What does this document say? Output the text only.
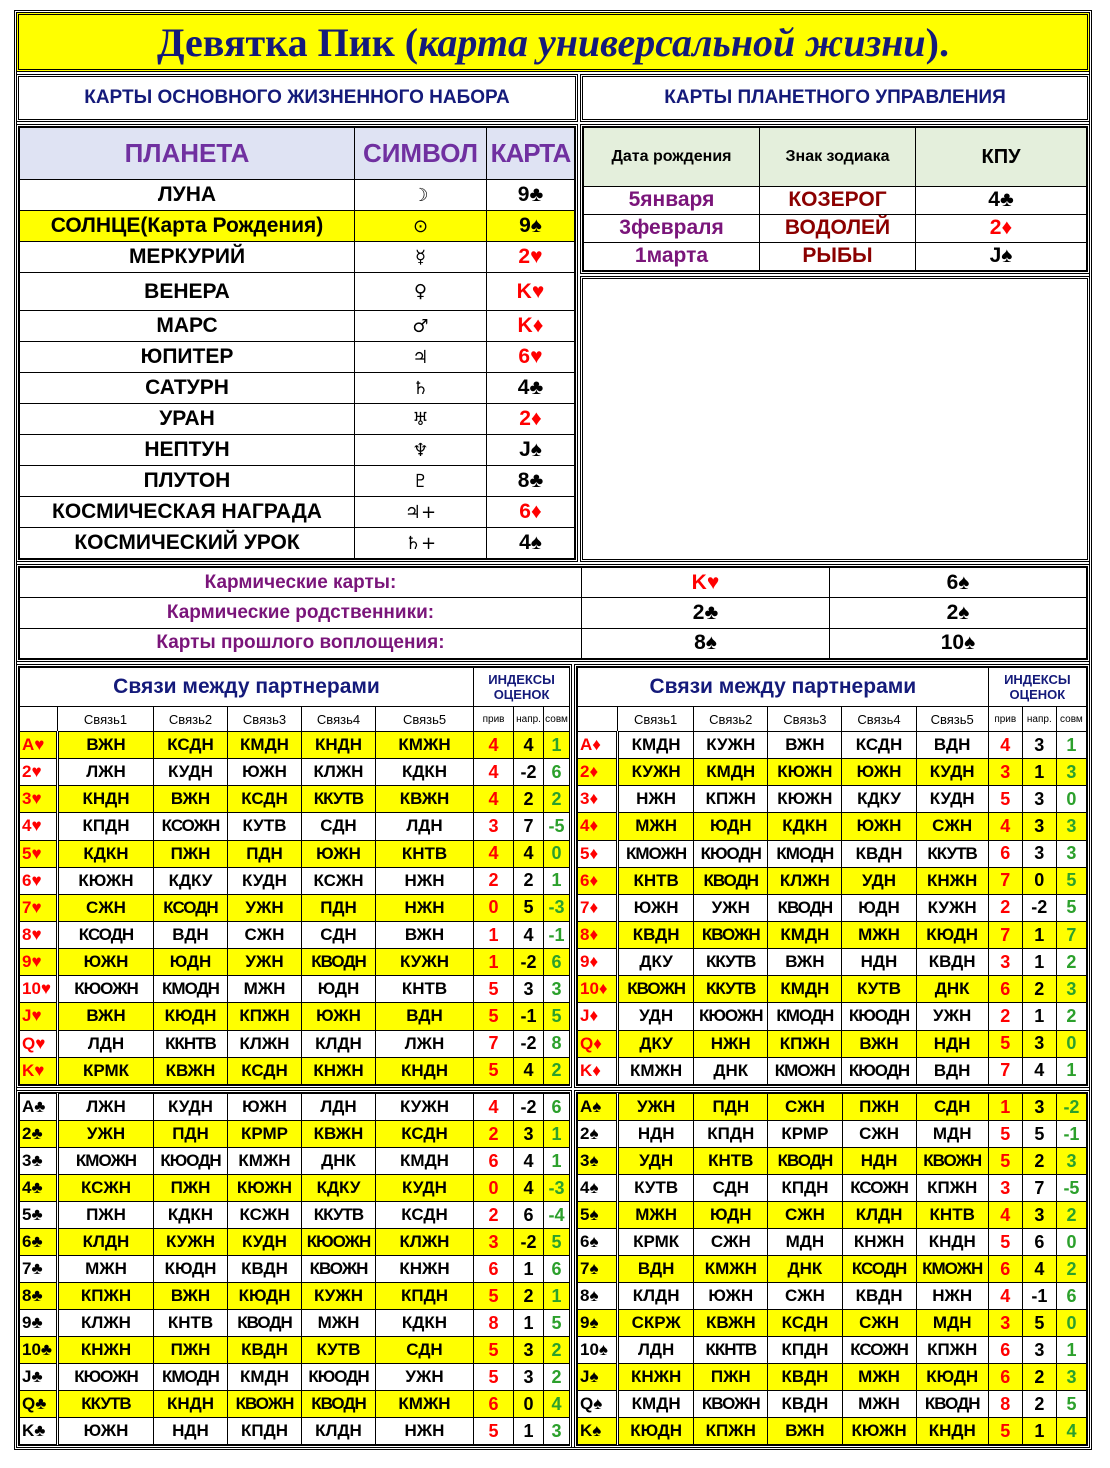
Девятка Пик ( карта универсальной жизни ).
КАРТЫ ОСНОВНОГО ЖИЗНЕННОГО НАБОРА	КАРТЫ ПЛАНЕТНОГО УПРАВЛЕНИЯ
ПЛАНЕТА	СИМВОЛ	КАРТА
ЛУНА	☽	9♣
СОЛНЦЕ(Карта Рождения)	⊙	9♠
МЕРКУРИЙ	☿	2♥
ВЕНЕРА	♀	K♥
МАРС	♂	K♦
ЮПИТЕР	♃	6♥
САТУРН	♄	4♣
УРАН	♅	2♦
НЕПТУН	♆	J♠
ПЛУТОН	♇	8♣
КОСМИЧЕСКАЯ НАГРАДА	♃+	6♦
КОСМИЧЕСКИЙ УРОК	♄+	4♠
Дата рождения	Знак зодиака	КПУ
5января	КОЗЕРОГ	4♣
3февраля	ВОДОЛЕЙ	2♦
1марта	РЫБЫ	J♠
Кармические карты:	K♥	6♠
Кармические родственники:	2♣	2♠
Карты прошлого воплощения:	8♠	10♠
Связи между партнерами						ИНДЕКСЫ ОЦЕНОК		
	Связь1	Связь2	Связь3	Связь4	Связь5	прив	напр.	совм
A♥	ВЖН	КСДН	КМДН	КНДН	КМЖН	4	4	1
2♥	ЛЖН	КУДН	ЮЖН	КЛЖН	КДКН	4	-2	6
3♥	КНДН	ВЖН	КСДН	ККУТВ	КВЖН	4	2	2
4♥	КПДН	КСОЖН	КУТВ	СДН	ЛДН	3	7	-5
5♥	КДКН	ПЖН	ПДН	ЮЖН	КНТВ	4	4	0
6♥	КЮЖН	КДКУ	КУДН	КСЖН	НЖН	2	2	1
7♥	СЖН	КСОДН	УЖН	ПДН	НЖН	0	5	-3
8♥	КСОДН	ВДН	СЖН	СДН	ВЖН	1	4	-1
9♥	ЮЖН	ЮДН	УЖН	КВОДН	КУЖН	1	-2	6
10♥	КЮОЖН	КМОДН	МЖН	ЮДН	КНТВ	5	3	3
J♥	ВЖН	КЮДН	КПЖН	ЮЖН	ВДН	5	-1	5
Q♥	ЛДН	ККНТВ	КЛЖН	КЛДН	ЛЖН	7	-2	8
K♥	КРМК	КВЖН	КСДН	КНЖН	КНДН	5	4	2
Связи между партнерами						ИНДЕКСЫ ОЦЕНОК		
	Связь1	Связь2	Связь3	Связь4	Связь5	прив	напр.	совм
A♦	КМДН	КУЖН	ВЖН	КСДН	ВДН	4	3	1
2♦	КУЖН	КМДН	КЮЖН	ЮЖН	КУДН	3	1	3
3♦	НЖН	КПЖН	КЮЖН	КДКУ	КУДН	5	3	0
4♦	МЖН	ЮДН	КДКН	ЮЖН	СЖН	4	3	3
5♦	КМОЖН	КЮОДН	КМОДН	КВДН	ККУТВ	6	3	3
6♦	КНТВ	КВОДН	КЛЖН	УДН	КНЖН	7	0	5
7♦	ЮЖН	УЖН	КВОДН	ЮДН	КУЖН	2	-2	5
8♦	КВДН	КВОЖН	КМДН	МЖН	КЮДН	7	1	7
9♦	ДКУ	ККУТВ	ВЖН	НДН	КВДН	3	1	2
10♦	КВОЖН	ККУТВ	КМДН	КУТВ	ДНК	6	2	3
J♦	УДН	КЮОЖН	КМОДН	КЮОДН	УЖН	2	1	2
Q♦	ДКУ	НЖН	КПЖН	ВЖН	НДН	5	3	0
K♦	КМЖН	ДНК	КМОЖН	КЮОДН	ВДН	7	4	1
A♣	ЛЖН	КУДН	ЮЖН	ЛДН	КУЖН	4	-2	6
2♣	УЖН	ПДН	КРМР	КВЖН	КСДН	2	3	1
3♣	КМОЖН	КЮОДН	КМЖН	ДНК	КМДН	6	4	1
4♣	КСЖН	ПЖН	КЮЖН	КДКУ	КУДН	0	4	-3
5♣	ПЖН	КДКН	КСЖН	ККУТВ	КСДН	2	6	-4
6♣	КЛДН	КУЖН	КУДН	КЮОЖН	КЛЖН	3	-2	5
7♣	МЖН	КЮДН	КВДН	КВОЖН	КНЖН	6	1	6
8♣	КПЖН	ВЖН	КЮДН	КУЖН	КПДН	5	2	1
9♣	КЛЖН	КНТВ	КВОДН	МЖН	КДКН	8	1	5
10♣	КНЖН	ПЖН	КВДН	КУТВ	СДН	5	3	2
J♣	КЮОЖН	КМОДН	КМДН	КЮОДН	УЖН	5	3	2
Q♣	ККУТВ	КНДН	КВОЖН	КВОДН	КМЖН	6	0	4
K♣	ЮЖН	НДН	КПДН	КЛДН	НЖН	5	1	3
A♠	УЖН	ПДН	СЖН	ПЖН	СДН	1	3	-2
2♠	НДН	КПДН	КРМР	СЖН	МДН	5	5	-1
3♠	УДН	КНТВ	КВОДН	НДН	КВОЖН	5	2	3
4♠	КУТВ	СДН	КПДН	КСОЖН	КПЖН	3	7	-5
5♠	МЖН	ЮДН	СЖН	КЛДН	КНТВ	4	3	2
6♠	КРМК	СЖН	МДН	КНЖН	КНДН	5	6	0
7♠	ВДН	КМЖН	ДНК	КСОДН	КМОЖН	6	4	2
8♠	КЛДН	ЮЖН	СЖН	КВДН	НЖН	4	-1	6
9♠	СКРЖ	КВЖН	КСДН	СЖН	МДН	3	5	0
10♠	ЛДН	ККНТВ	КПДН	КСОЖН	КПЖН	6	3	1
J♠	КНЖН	ПЖН	КВДН	МЖН	КЮДН	6	2	3
Q♠	КМДН	КВОЖН	КВДН	МЖН	КВОДН	8	2	5
K♠	КЮДН	КПЖН	ВЖН	КЮЖН	КНДН	5	1	4
